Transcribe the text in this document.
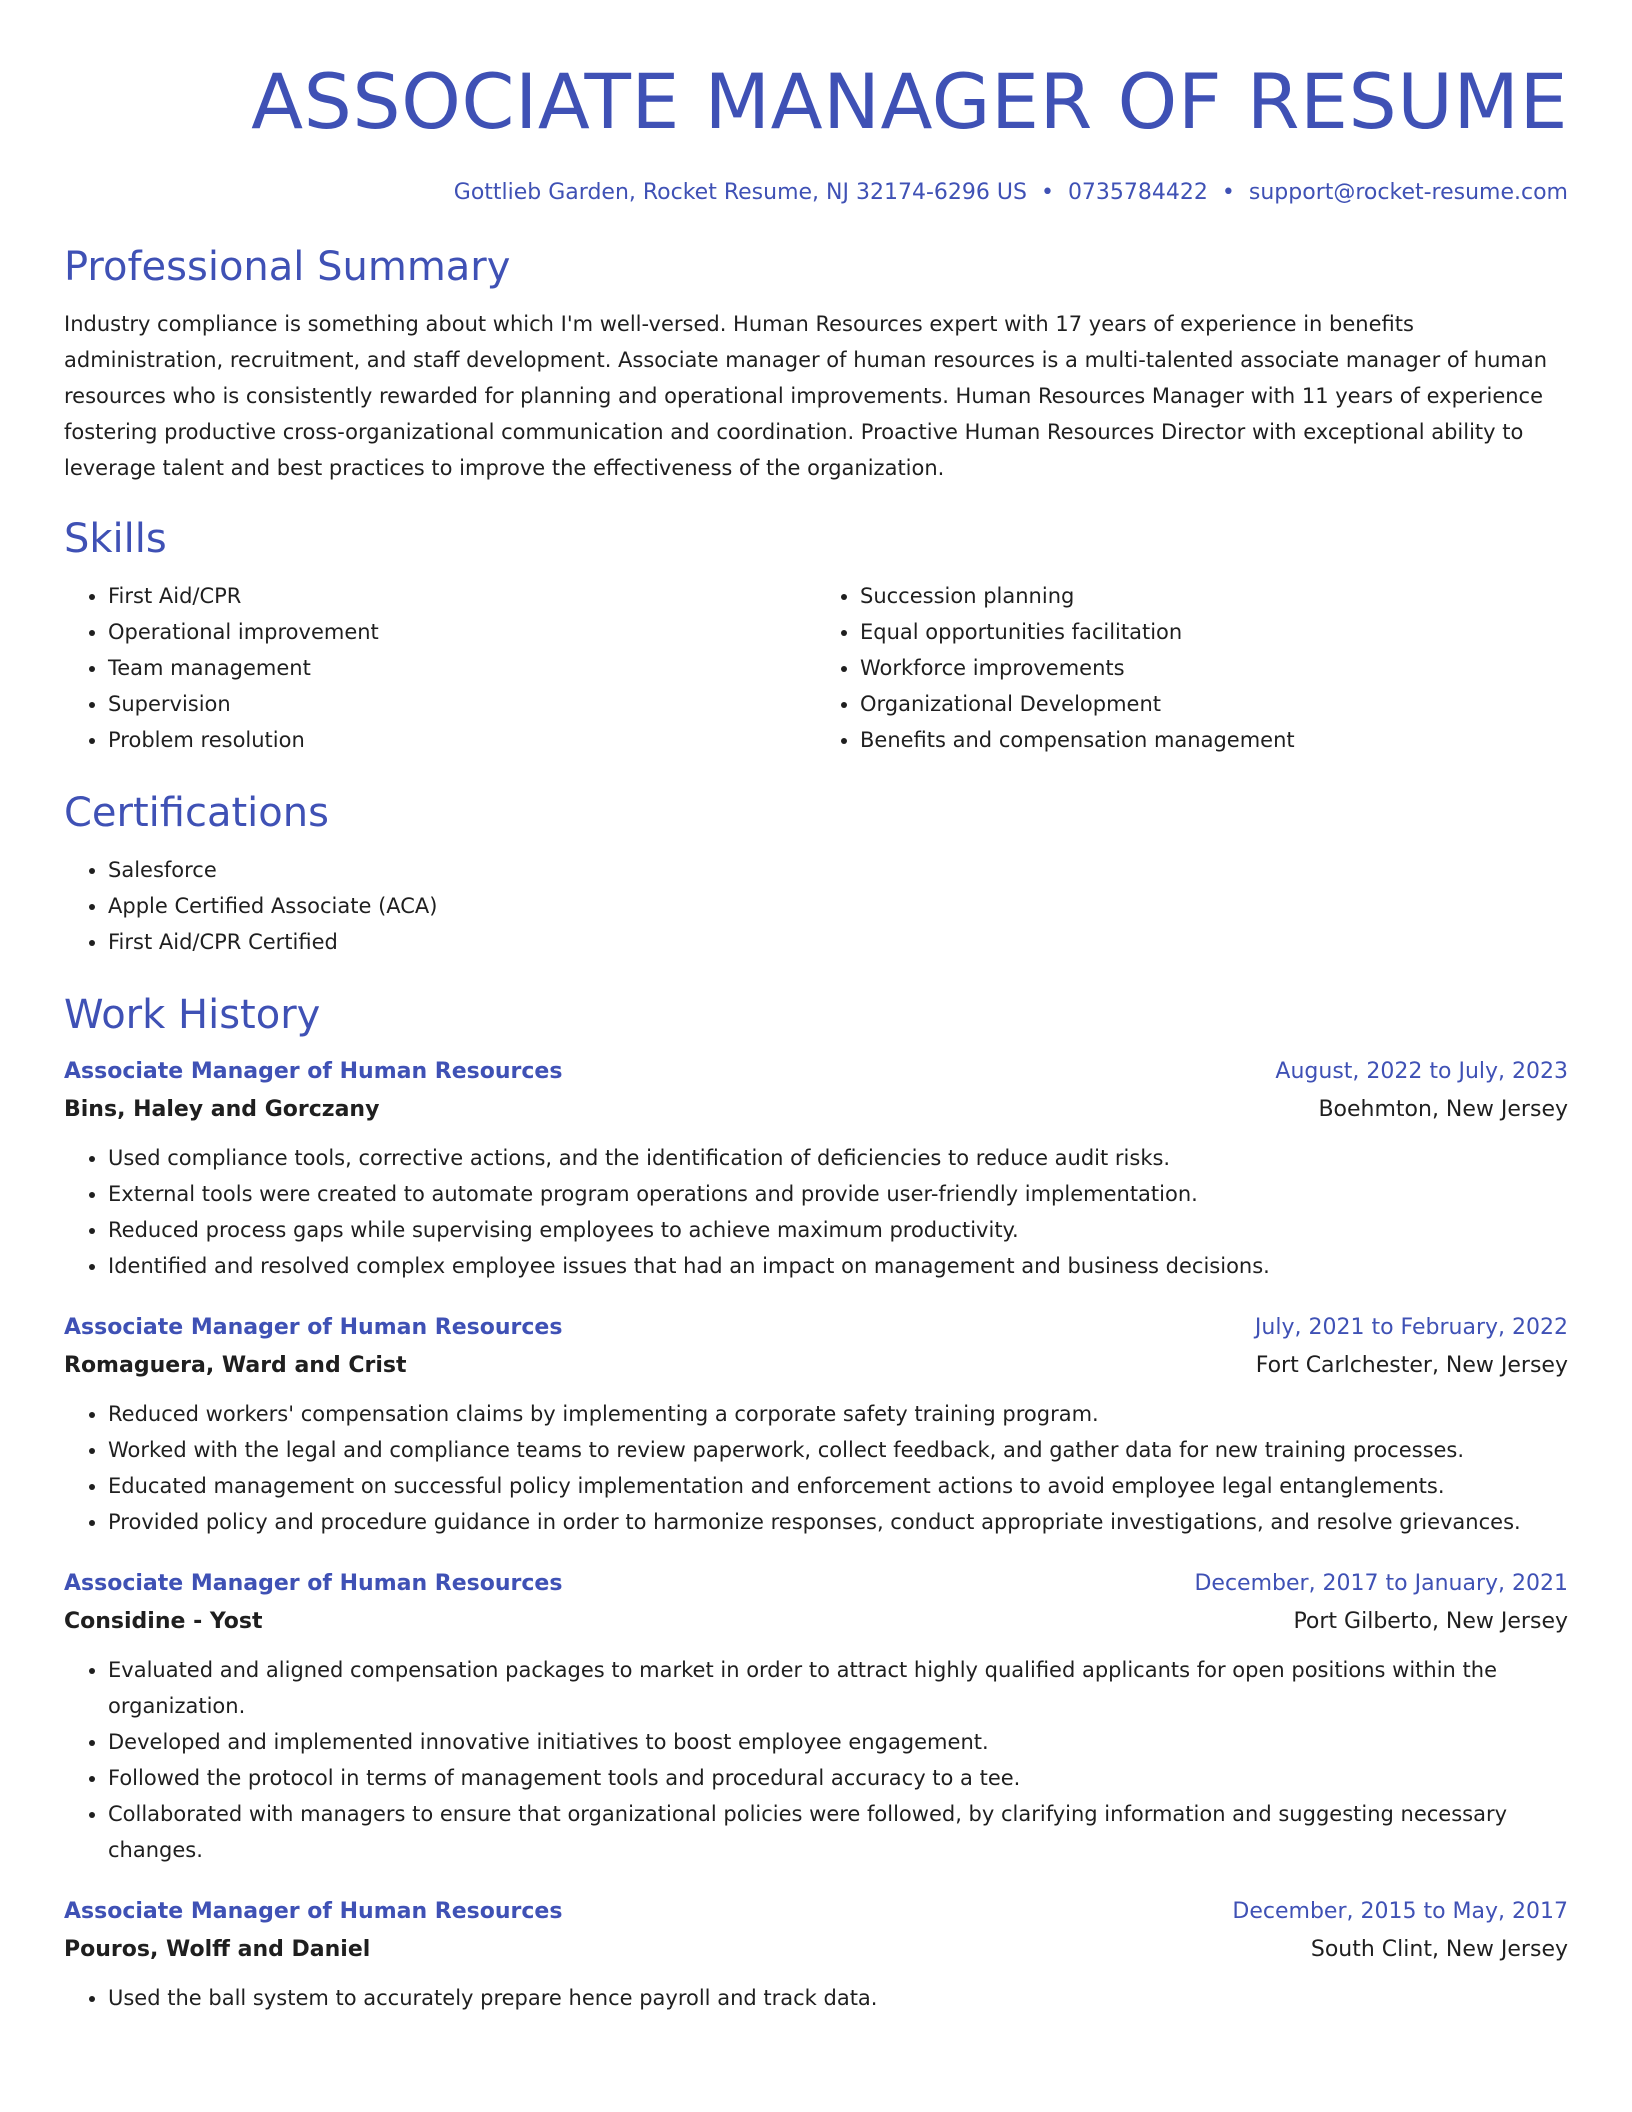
ASSOCIATE MANAGER OF RESUME
Gottlieb Garden, Rocket Resume, NJ 32174-6296 US • 0735784422 • support@rocket-resume.com
Professional Summary

Industry compliance is something about which I'm well-versed. Human Resources expert with 17 years of experience in benefits administration, recruitment, and staff development. Associate manager of human resources is a multi-talented associate manager of human resources who is consistently rewarded for planning and operational improvements. Human Resources Manager with 11 years of experience fostering productive cross-organizational communication and coordination. Proactive Human Resources Director with exceptional ability to leverage talent and best practices to improve the effectiveness of the organization.

Skills
• First Aid/CPR
• Operational improvement
• Team management
• Supervision
• Problem resolution
• Succession planning
• Equal opportunities facilitation
• Workforce improvements
• Organizational Development
• Benefits and compensation management
Certifications
• Salesforce
• Apple Certified Associate (ACA)
• First Aid/CPR Certified
Work History
Associate Manager of Human Resources	August, 2022 to July, 2023
Bins, Haley and Gorczany	Boehmton, New Jersey
• Used compliance tools, corrective actions, and the identification of deficiencies to reduce audit risks.
• External tools were created to automate program operations and provide user-friendly implementation.
• Reduced process gaps while supervising employees to achieve maximum productivity.
• Identified and resolved complex employee issues that had an impact on management and business decisions.
Associate Manager of Human Resources	July, 2021 to February, 2022
Romaguera, Ward and Crist	Fort Carlchester, New Jersey
• Reduced workers' compensation claims by implementing a corporate safety training program.
• Worked with the legal and compliance teams to review paperwork, collect feedback, and gather data for new training processes.
• Educated management on successful policy implementation and enforcement actions to avoid employee legal entanglements.
• Provided policy and procedure guidance in order to harmonize responses, conduct appropriate investigations, and resolve grievances.
Associate Manager of Human Resources	December, 2017 to January, 2021
Considine - Yost	Port Gilberto, New Jersey
• Evaluated and aligned compensation packages to market in order to attract highly qualified applicants for open positions within the organization.
• Developed and implemented innovative initiatives to boost employee engagement.
• Followed the protocol in terms of management tools and procedural accuracy to a tee.
• Collaborated with managers to ensure that organizational policies were followed, by clarifying information and suggesting necessary changes.
Associate Manager of Human Resources	December, 2015 to May, 2017
Pouros, Wolff and Daniel	South Clint, New Jersey
• Used the ball system to accurately prepare hence payroll and track data.
